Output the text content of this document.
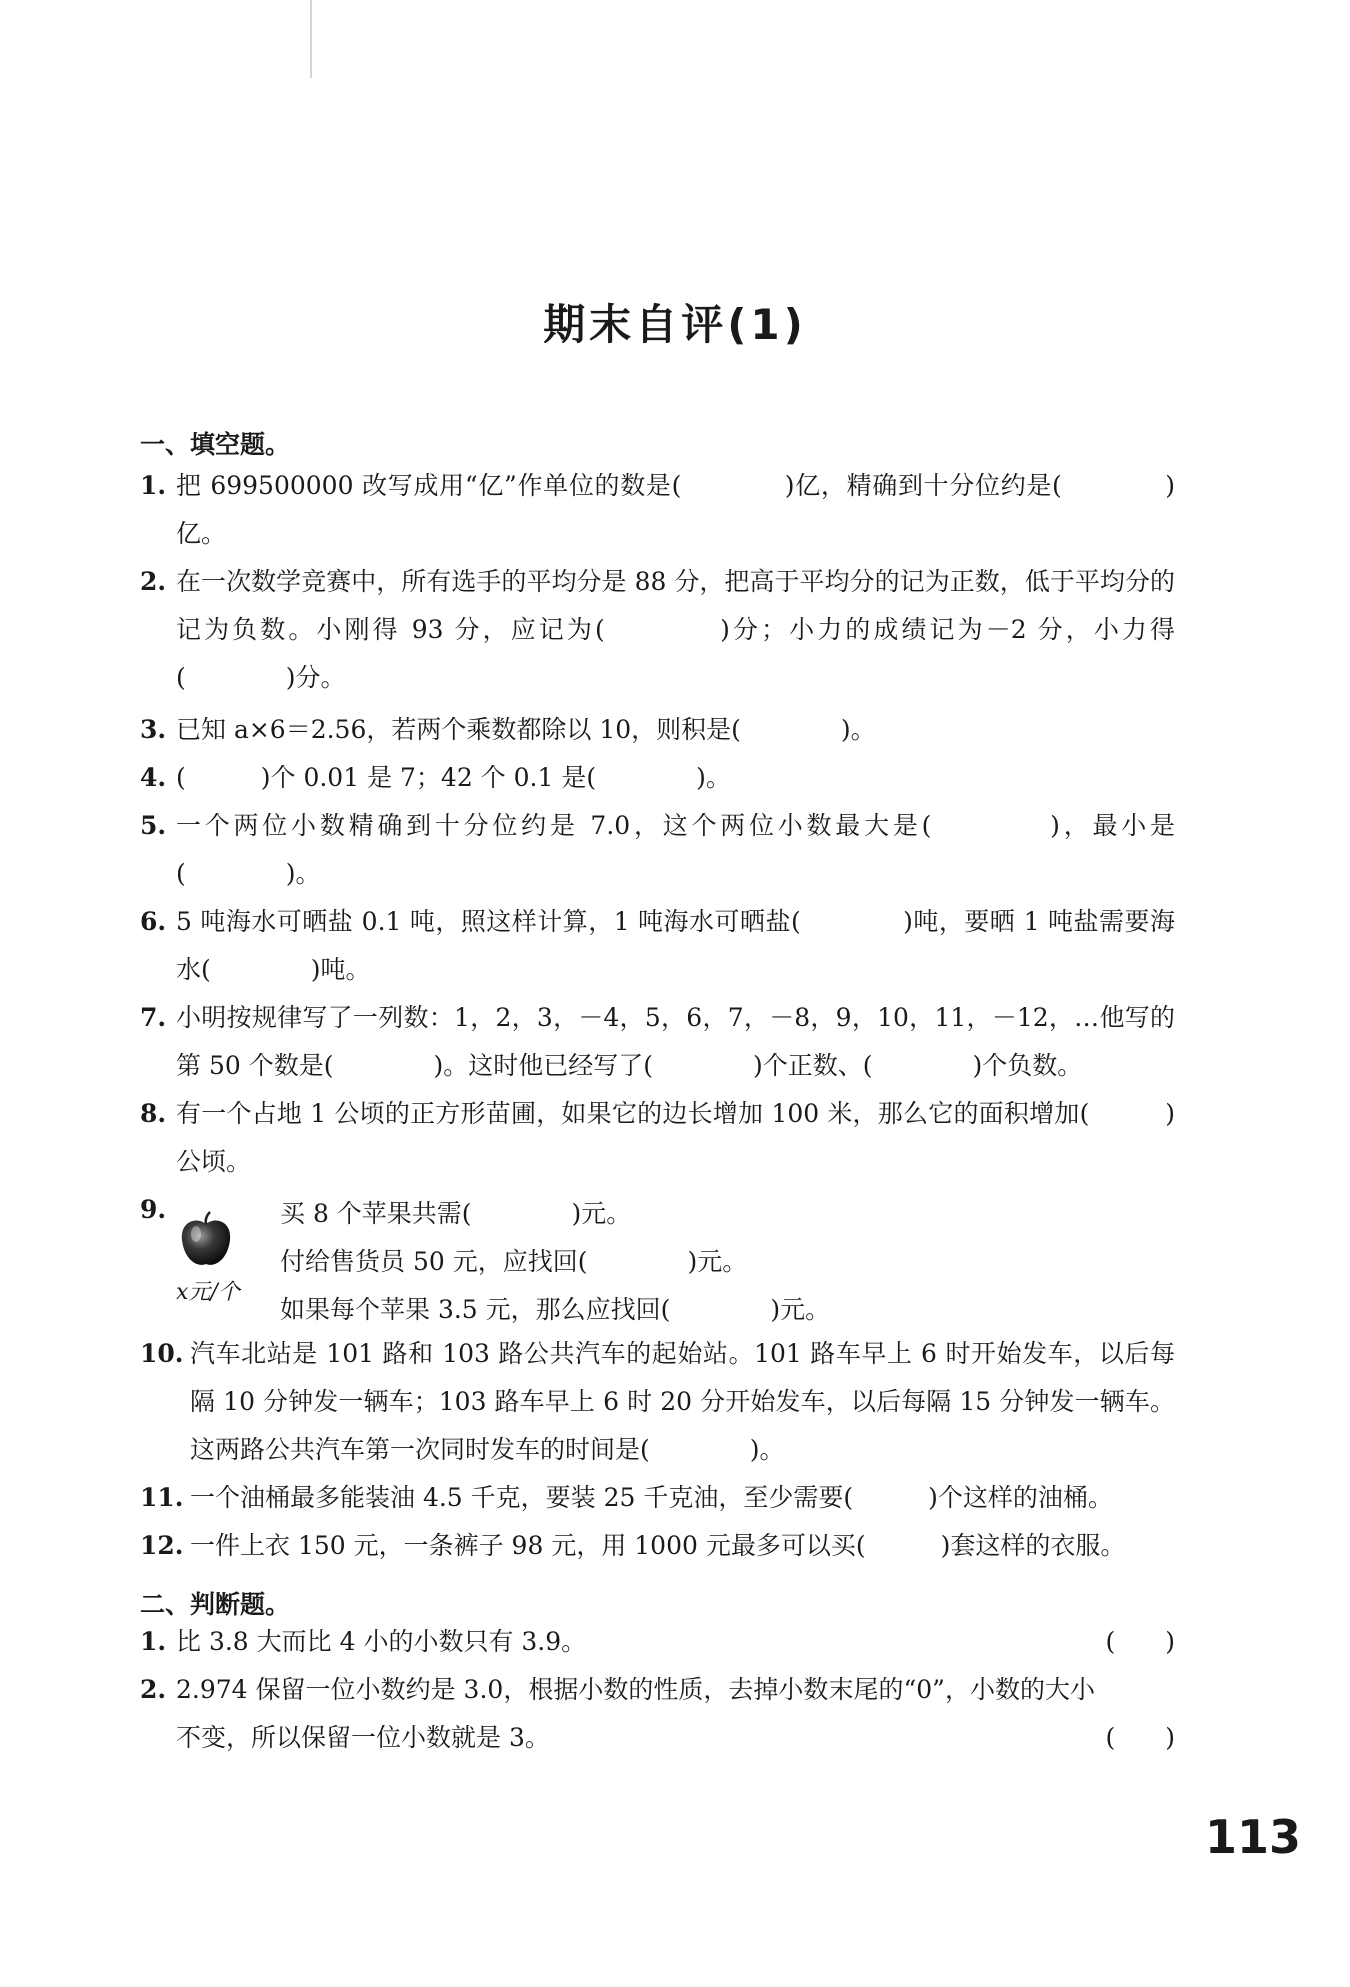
期末自评(1)
一、填空题。
1. 把 699500000 改写成用“亿”作单位的数是(　　　　)亿，精确到十分位约是(　　　　)亿。
2. 在一次数学竞赛中，所有选手的平均分是 88 分，把高于平均分的记为正数，低于平均分的记为负数。小刚得 93 分，应记为(　　　　)分；小力的成绩记为－2 分，小力得(　　　　)分。
3. 已知 a×6＝2.56，若两个乘数都除以 10，则积是(　　　　)。
4. (　　　)个 0.01 是 7；42 个 0.1 是(　　　　)。
5. 一个两位小数精确到十分位约是 7.0，这个两位小数最大是(　　　　)，最小是(　　　　)。
6. 5 吨海水可晒盐 0.1 吨，照这样计算，1 吨海水可晒盐(　　　　)吨，要晒 1 吨盐需要海水(　　　　)吨。
7. 小明按规律写了一列数：1，2，3，－4，5，6，7，－8，9，10，11，－12，…他写的第 50 个数是(　　　　)。这时他已经写了(　　　　)个正数、(　　　　)个负数。
8. 有一个占地 1 公顷的正方形苗圃，如果它的边长增加 100 米，那么它的面积增加(　　　)公顷。
9.
x元/个
买 8 个苹果共需(　　　　)元。
付给售货员 50 元，应找回(　　　　)元。
如果每个苹果 3.5 元，那么应找回(　　　　)元。
10. 汽车北站是 101 路和 103 路公共汽车的起始站。101 路车早上 6 时开始发车，以后每隔 10 分钟发一辆车；103 路车早上 6 时 20 分开始发车，以后每隔 15 分钟发一辆车。这两路公共汽车第一次同时发车的时间是(　　　　)。
11. 一个油桶最多能装油 4.5 千克，要装 25 千克油，至少需要(　　　)个这样的油桶。
12. 一件上衣 150 元，一条裤子 98 元，用 1000 元最多可以买(　　　)套这样的衣服。
二、判断题。
1. 比 3.8 大而比 4 小的小数只有 3.9。	(　　)
2. 2.974 保留一位小数约是 3.0，根据小数的性质，去掉小数末尾的“0”，小数的大小不变，所以保留一位小数就是 3。	(　　)
113
